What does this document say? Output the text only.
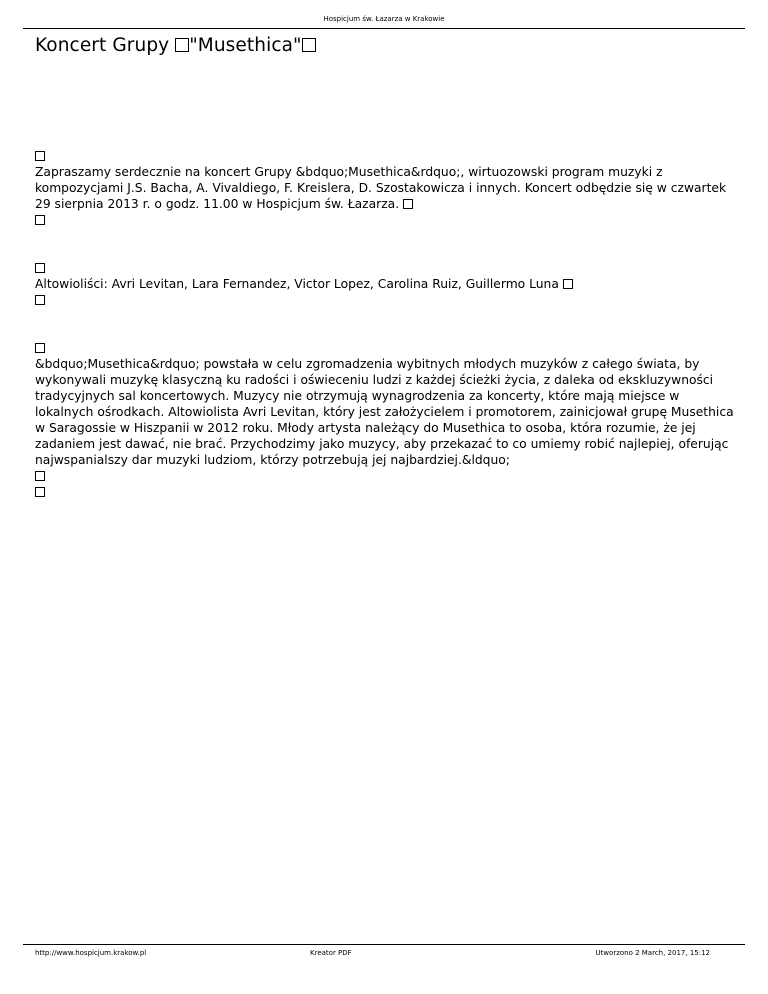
Hospicjum św. Łazarza w Krakowie
Koncert Grupy "Musethica"

Zapraszamy serdecznie na koncert Grupy &bdquo;Musethica&rdquo;, wirtuozowski program muzyki z kompozycjami J.S. Bacha, A. Vivaldiego, F. Kreislera, D. Szostakowicza i innych. Koncert odbędzie się w czwartek 29 sierpnia 2013 r. o godz. 11.00 w Hospicjum św. Łazarza.

Altowioliści: Avri Levitan, Lara Fernandez, Victor Lopez, Carolina Ruiz, Guillermo Luna

&bdquo;Musethica&rdquo; powstała w celu zgromadzenia wybitnych młodych muzyków z całego świata, by wykonywali muzykę klasyczną ku radości i oświeceniu ludzi z każdej ścieżki życia, z daleka od ekskluzywności tradycyjnych sal koncertowych. Muzycy nie otrzymują wynagrodzenia za koncerty, które mają miejsce w lokalnych ośrodkach. Altowiolista Avri Levitan, który jest założycielem i promotorem, zainicjował grupę Musethica w Saragossie w Hiszpanii w 2012 roku. Młody artysta należący do Musethica to osoba, która rozumie, że jej zadaniem jest dawać, nie brać. Przychodzimy jako muzycy, aby przekazać to co umiemy robić najlepiej, oferując najwspanialszy dar muzyki ludziom, którzy potrzebują jej najbardziej.&ldquo;

http://www.hospicjum.krakow.pl	Kreator PDF	Utworzono 2 March, 2017, 15:12
